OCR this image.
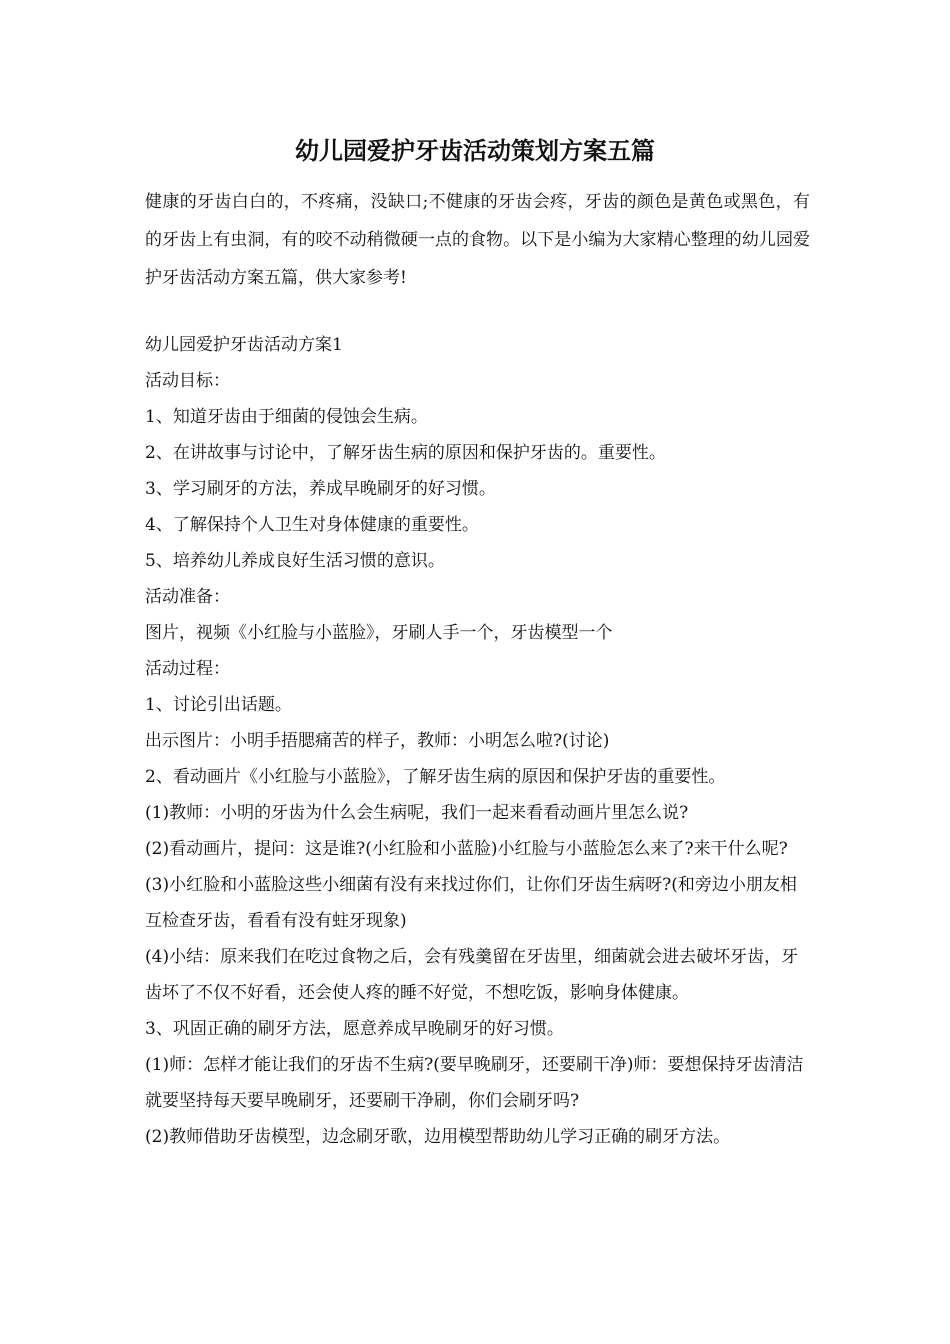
幼儿园爱护牙齿活动策划方案五篇

健康的牙齿白白的，不疼痛，没缺口;不健康的牙齿会疼，牙齿的颜色是黄色或黑色，有的牙齿上有虫洞，有的咬不动稍微硬一点的食物。以下是小编为大家精心整理的幼儿园爱护牙齿活动方案五篇，供大家参考!

幼儿园爱护牙齿活动方案1

活动目标：

1、知道牙齿由于细菌的侵蚀会生病。

2、在讲故事与讨论中，了解牙齿生病的原因和保护牙齿的。重要性。

3、学习刷牙的方法，养成早晚刷牙的好习惯。

4、了解保持个人卫生对身体健康的重要性。

5、培养幼儿养成良好生活习惯的意识。

活动准备：

图片，视频《小红脸与小蓝脸》，牙刷人手一个，牙齿模型一个

活动过程：

1、讨论引出话题。

出示图片：小明手捂腮痛苦的样子，教师：小明怎么啦?(讨论)

2、看动画片《小红脸与小蓝脸》，了解牙齿生病的原因和保护牙齿的重要性。

(1)教师：小明的牙齿为什么会生病呢，我们一起来看看动画片里怎么说?

(2)看动画片，提问：这是谁?(小红脸和小蓝脸)小红脸与小蓝脸怎么来了?来干什么呢?

(3)小红脸和小蓝脸这些小细菌有没有来找过你们，让你们牙齿生病呀?(和旁边小朋友相互检查牙齿，看看有没有蛀牙现象)

(4)小结：原来我们在吃过食物之后，会有残羹留在牙齿里，细菌就会进去破坏牙齿，牙齿坏了不仅不好看，还会使人疼的睡不好觉，不想吃饭，影响身体健康。

3、巩固正确的刷牙方法，愿意养成早晚刷牙的好习惯。

(1)师：怎样才能让我们的牙齿不生病?(要早晚刷牙，还要刷干净)师：要想保持牙齿清洁就要坚持每天要早晚刷牙，还要刷干净刷，你们会刷牙吗?

(2)教师借助牙齿模型，边念刷牙歌，边用模型帮助幼儿学习正确的刷牙方法。
